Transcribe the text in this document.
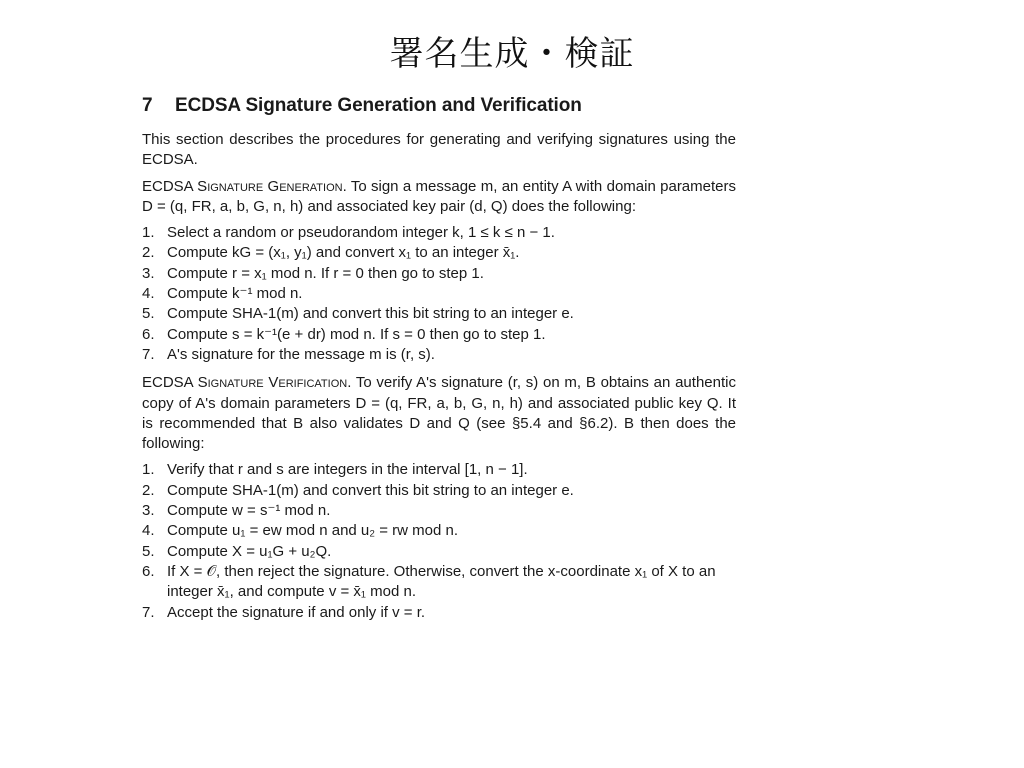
署名生成・検証
7 ECDSA Signature Generation and Verification

This section describes the procedures for generating and verifying signatures using the ECDSA.

ECDSA Signature Generation. To sign a message m, an entity A with domain parameters D = (q, FR, a, b, G, n, h) and associated key pair (d, Q) does the following:

1. Select a random or pseudorandom integer k, 1 ≤ k ≤ n − 1.
2. Compute kG = (x₁, y₁) and convert x₁ to an integer x̄₁.
3. Compute r = x₁ mod n. If r = 0 then go to step 1.
4. Compute k⁻¹ mod n.
5. Compute SHA-1(m) and convert this bit string to an integer e.
6. Compute s = k⁻¹(e + dr) mod n. If s = 0 then go to step 1.
7. A's signature for the message m is (r, s).

ECDSA Signature Verification. To verify A's signature (r, s) on m, B obtains an authentic copy of A's domain parameters D = (q, FR, a, b, G, n, h) and associated public key Q. It is recommended that B also validates D and Q (see §5.4 and §6.2). B then does the following:

1. Verify that r and s are integers in the interval [1, n − 1].
2. Compute SHA-1(m) and convert this bit string to an integer e.
3. Compute w = s⁻¹ mod n.
4. Compute u₁ = ew mod n and u₂ = rw mod n.
5. Compute X = u₁G + u₂Q.
6. If X = 𝒪, then reject the signature. Otherwise, convert the x-coordinate x₁ of X to an integer x̄₁, and compute v = x̄₁ mod n.
7. Accept the signature if and only if v = r.
